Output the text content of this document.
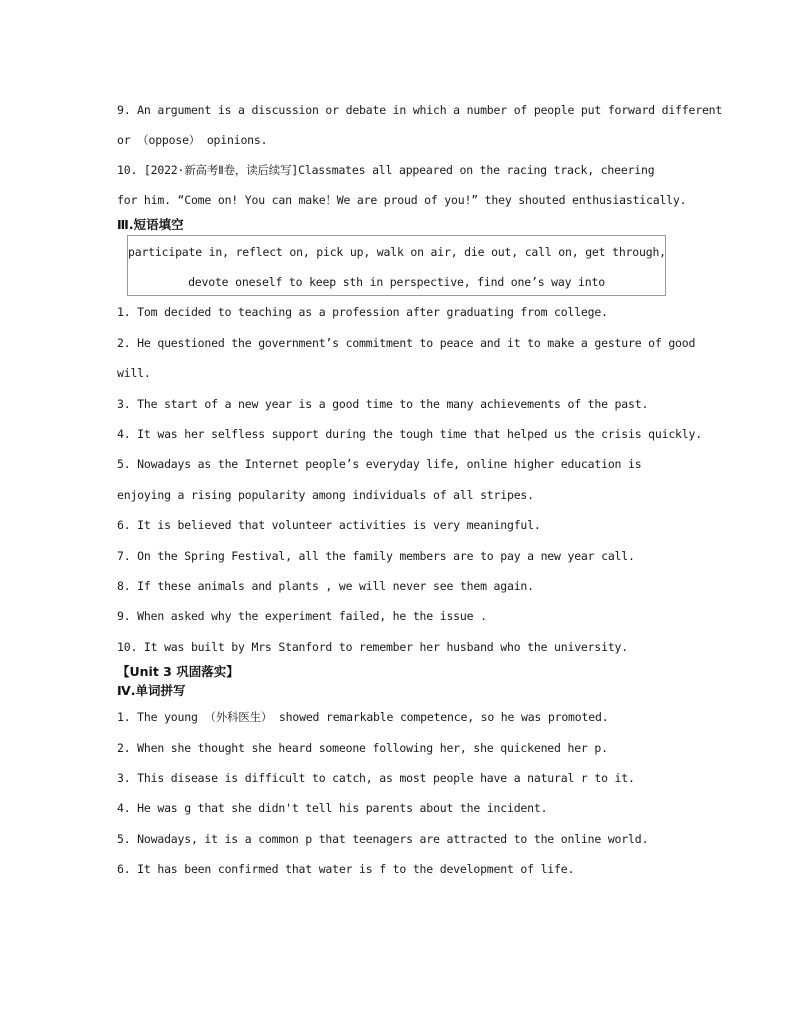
9. An argument is a discussion or debate in which a number of people put forward different
or （oppose） opinions.
10. [2022·新高考Ⅱ卷，读后续写]Classmates all appeared on the racing track, cheering
for him. “Come on! You can make！We are proud of you!” they shouted enthusiastically.
Ⅲ.短语填空
participate in, reflect on, pick up, walk on air, die out, call on, get through,
devote oneself to keep sth in perspective, find one’s way into
1. Tom decided to teaching as a profession after graduating from college.
2. He questioned the government’s commitment to peace and it to make a gesture of good
will.
3. The start of a new year is a good time to the many achievements of the past.
4. It was her selfless support during the tough time that helped us the crisis quickly.
5. Nowadays as the Internet people’s everyday life, online higher education is
enjoying a rising popularity among individuals of all stripes.
6. It is believed that volunteer activities is very meaningful.
7. On the Spring Festival, all the family members are to pay a new year call.
8. If these animals and plants , we will never see them again.
9. When asked why the experiment failed, he the issue .
10. It was built by Mrs Stanford to remember her husband who the university.
【Unit 3 巩固落实】
Ⅳ.单词拼写
1. The young （外科医生） showed remarkable competence, so he was promoted.
2. When she thought she heard someone following her, she quickened her p.
3. This disease is difficult to catch, as most people have a natural r to it.
4. He was g that she didn't tell his parents about the incident.
5. Nowadays, it is a common p that teenagers are attracted to the online world.
6. It has been confirmed that water is f to the development of life.
